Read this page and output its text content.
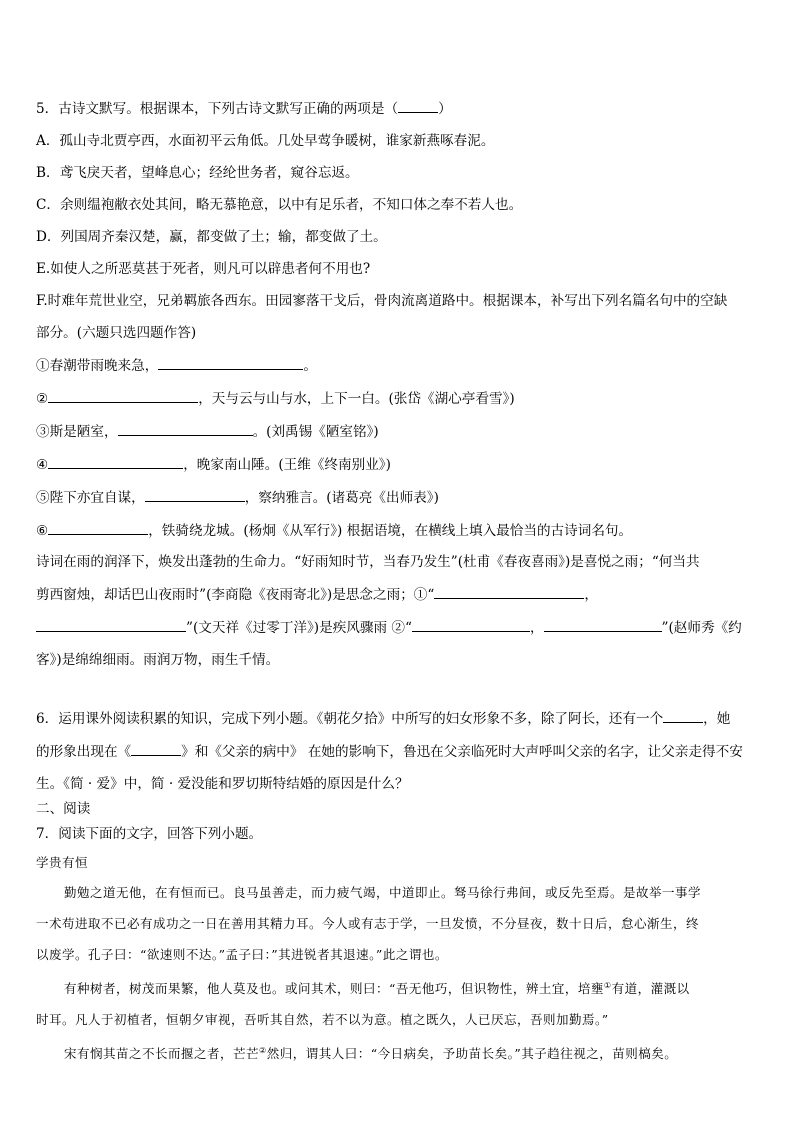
5．古诗文默写。根据课本，下列古诗文默写正确的两项是（	）

A．孤山寺北贾亭西，水面初平云角低。几处早莺争暖树，谁家新燕啄春泥。

B．鸢飞戾天者，望峰息心；经纶世务者，窥谷忘返。

C．余则缊袍敝衣处其间，略无慕艳意，以中有足乐者，不知口体之奉不若人也。

D．列国周齐秦汉楚，赢，都变做了土；输，都变做了土。

E.如使人之所恶莫甚于死者，则凡可以辟患者何不用也?

F.时难年荒世业空，兄弟羁旅各西东。田园寥落干戈后，骨肉流离道路中。根据课本，补写出下列名篇名句中的空缺

部分。(六题只选四题作答)

①春潮带雨晚来急，	。

②	，天与云与山与水，上下一白。(张岱《湖心亭看雪》)

③斯是陋室，	。(刘禹锡《陋室铭》)

④	，晚家南山陲。(王维《终南别业》)

⑤陛下亦宜自谋，	，察纳雅言。(诸葛亮《出师表》)

⑥	，铁骑绕龙城。(杨炯《从军行》) 根据语境，在横线上填入最恰当的古诗词名句。

诗词在雨的润泽下，焕发出蓬勃的生命力。“好雨知时节，当春乃发生”(杜甫《春夜喜雨》)是喜悦之雨；“何当共

剪西窗烛，却话巴山夜雨时”(李商隐《夜雨寄北》)是思念之雨；①“	，

”(文天祥《过零丁洋》)是疾风骤雨 ②“	，	”(赵师秀《约

客》)是绵绵细雨。雨润万物，雨生千情。

6．运用课外阅读积累的知识，完成下列小题。《朝花夕拾》中所写的妇女形象不多，除了阿长，还有一个	，她

的形象出现在《	》和《父亲的病中》 在她的影响下，鲁迅在父亲临死时大声呼叫父亲的名字，让父亲走得不安

生。《简 · 爱》中，简 · 爱没能和罗切斯特结婚的原因是什么？

二、阅读

7．阅读下面的文字，回答下列小题。

学贵有恒

勤勉之道无他，在有恒而已。良马虽善走，而力疲气竭，中道即止。驽马徐行弗间，或反先至焉。是故举一事学

一术苟进取不已必有成功之一日在善用其精力耳。今人或有志于学，一旦发愤，不分昼夜，数十日后，怠心渐生，终

以废学。孔子曰：“欲速则不达。”孟子曰：”其进锐者其退速。”此之谓也。

有种树者，树茂而果繁，他人莫及也。或问其术，则曰：“吾无他巧，但识物性，辨土宜，培壅①有道，灌溉以

时耳。凡人于初植者，恒朝夕审视，吾听其自然，若不以为意。植之既久，人已厌忘，吾则加勤焉。”

宋有悯其苗之不长而揠之者，芒芒②然归，谓其人曰：“今日病矣，予助苗长矣。”其子趋往视之，苗则槁矣。
